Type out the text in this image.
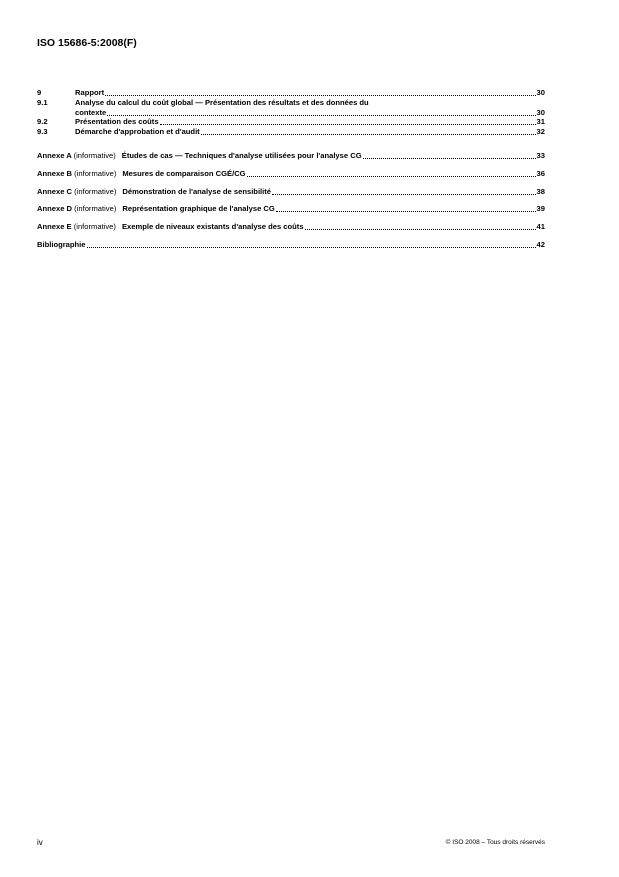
ISO 15686-5:2008(F)
9	Rapport	30
9.1	Analyse du calcul du coût global — Présentation des résultats et des données du
contexte	30
9.2	Présentation des coûts	31
9.3	Démarche d'approbation et d'audit	32
Annexe A (informative) Études de cas — Techniques d'analyse utilisées pour l'analyse CG	33
Annexe B (informative) Mesures de comparaison CGÉ/CG	36
Annexe C (informative) Démonstration de l'analyse de sensibilité	38
Annexe D (informative) Représentation graphique de l'analyse CG	39
Annexe E (informative) Exemple de niveaux existants d'analyse des coûts	41
Bibliographie	42
iv	© ISO 2008 – Tous droits réservés
